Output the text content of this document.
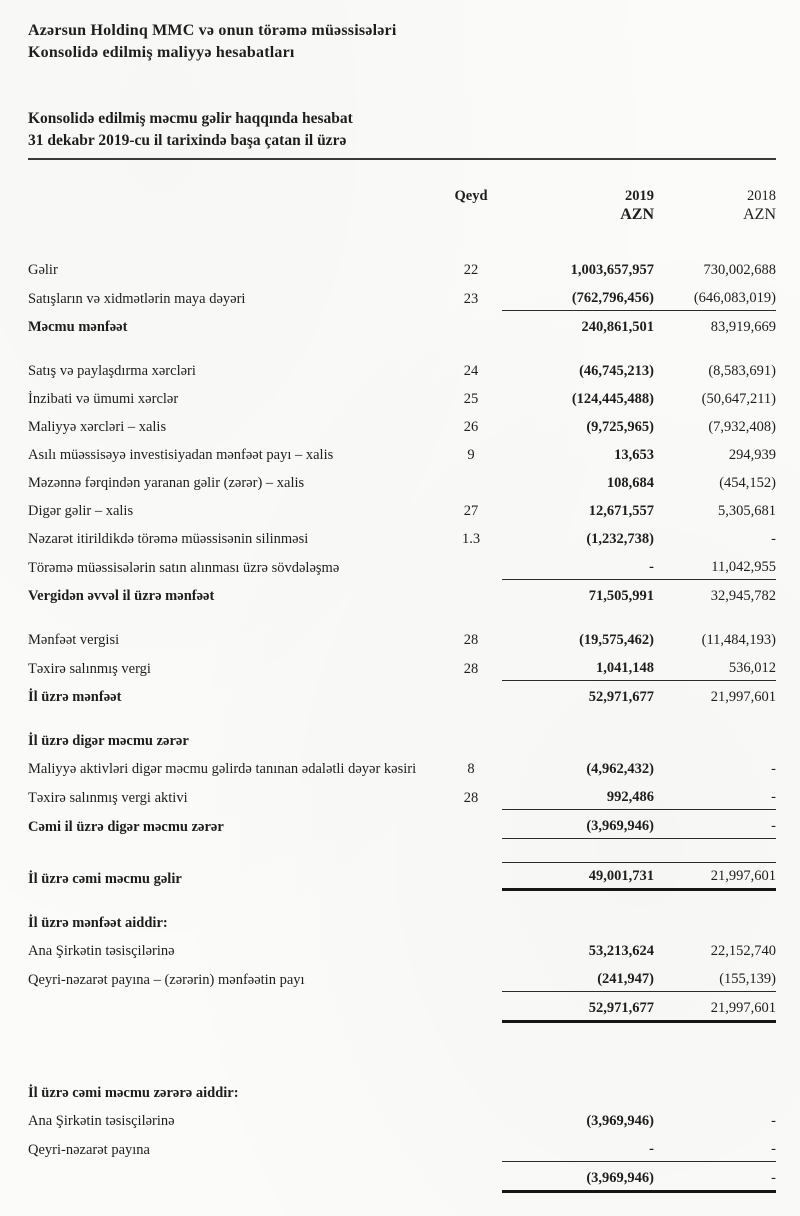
Azərsun Holdinq MMC və onun törəmə müəssisələri
Konsolidə edilmiş maliyyə hesabatları
Konsolidə edilmiş məcmu gəlir haqqında hesabat
31 dekabr 2019-cu il tarixində başa çatan il üzrə
Qeyd	2019	2018
AZN	AZN
Gəlir	22	1,003,657,957	730,002,688
Satışların və xidmətlərin maya dəyəri	23	(762,796,456)	(646,083,019)
Məcmu mənfəət	240,861,501	83,919,669
Satış və paylaşdırma xərcləri	24	(46,745,213)	(8,583,691)
İnzibati və ümumi xərclər	25	(124,445,488)	(50,647,211)
Maliyyə xərcləri – xalis	26	(9,725,965)	(7,932,408)
Asılı müəssisəyə investisiyadan mənfəət payı – xalis	9	13,653	294,939
Məzənnə fərqindən yaranan gəlir (zərər) – xalis	108,684	(454,152)
Digər gəlir – xalis	27	12,671,557	5,305,681
Nəzarət itirildikdə törəmə müəssisənin silinməsi	1.3	(1,232,738)	-
Törəmə müəssisələrin satın alınması üzrə sövdələşmə	-	11,042,955
Vergidən əvvəl il üzrə mənfəət	71,505,991	32,945,782
Mənfəət vergisi	28	(19,575,462)	(11,484,193)
Təxirə salınmış vergi	28	1,041,148	536,012
İl üzrə mənfəət	52,971,677	21,997,601
İl üzrə digər məcmu zərər
Maliyyə aktivləri digər məcmu gəlirdə tanınan ədalətli dəyər kəsiri	8	(4,962,432)	-
Təxirə salınmış vergi aktivi	28	992,486	-
Cəmi il üzrə digər məcmu zərər	(3,969,946)	-
İl üzrə cəmi məcmu gəlir	49,001,731	21,997,601
İl üzrə mənfəət aiddir:
Ana Şirkətin təsisçilərinə	53,213,624	22,152,740
Qeyri-nəzarət payına – (zərərin) mənfəətin payı	(241,947)	(155,139)
52,971,677	21,997,601
İl üzrə cəmi məcmu zərərə aiddir:
Ana Şirkətin təsisçilərinə	(3,969,946)	-
Qeyri-nəzarət payına	-	-
(3,969,946)	-
